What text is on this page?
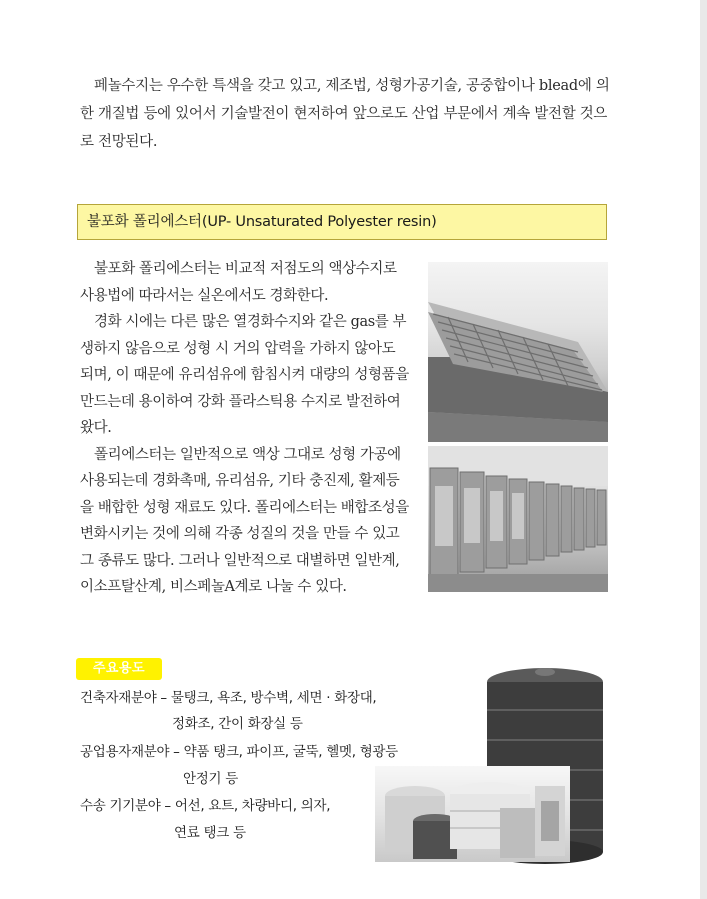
페놀수지는 우수한 특색을 갖고 있고, 제조법, 성형가공기술, 공중합이나 blead에 의한 개질법 등에 있어서 기술발전이 현저하여 앞으로도 산업 부문에서 계속 발전할 것으로 전망된다.

불포화 폴리에스터(UP- Unsaturated Polyester resin)

불포화 폴리에스터는 비교적 저점도의 액상수지로 사용법에 따라서는 실온에서도 경화한다.

경화 시에는 다른 많은 열경화수지와 같은 gas를 부생하지 않음으로 성형 시 거의 압력을 가하지 않아도 되며, 이 때문에 유리섬유에 함침시켜 대량의 성형품을 만드는데 용이하여 강화 플라스틱용 수지로 발전하여 왔다.

폴리에스터는 일반적으로 액상 그대로 성형 가공에 사용되는데 경화촉매, 유리섬유, 기타 충진제, 활제등을 배합한 성형 재료도 있다. 폴리에스터는 배합조성을 변화시키는 것에 의해 각종 성질의 것을 만들 수 있고 그 종류도 많다. 그러나 일반적으로 대별하면 일반계, 이소프탈산계, 비스페놀A계로 나눌 수 있다.

주요용도
건축자재분야 – 물탱크, 욕조, 방수벽, 세면 · 화장대,
정화조, 간이 화장실 등
공업용자재분야 – 약품 탱크, 파이프, 굴뚝, 헬멧, 형광등
안정기 등
수송 기기분야 – 어선, 요트, 차량바디, 의자,
연료 탱크 등
